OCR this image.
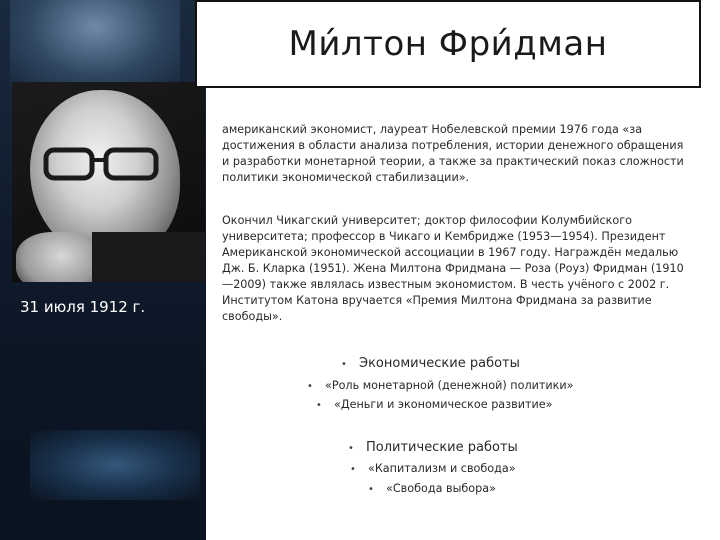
31 июля 1912 г.
Ми́лтон Фри́дман

американский экономист, лауреат Нобелевской премии 1976 года «за достижения в области анализа потребления, истории денежного обращения и разработки монетарной теории, а также за практический показ сложности политики экономической стабилизации».

Окончил Чикагский университет; доктор философии Колумбийского университета; профессор в Чикаго и Кембридже (1953—1954). Президент Американской экономической ассоциации в 1967 году. Награждён медалью Дж. Б. Кларка (1951). Жена Милтона Фридмана — Роза (Роуз) Фридман (1910—2009) также являлась известным экономистом. В честь учёного с 2002 г. Институтом Катона вручается «Премия Милтона Фридмана за развитие свободы».

• Экономические работы
• «Роль монетарной (денежной) политики»
• «Деньги и экономическое развитие»
• Политические работы
• «Капитализм и свобода»
• «Свобода выбора»
